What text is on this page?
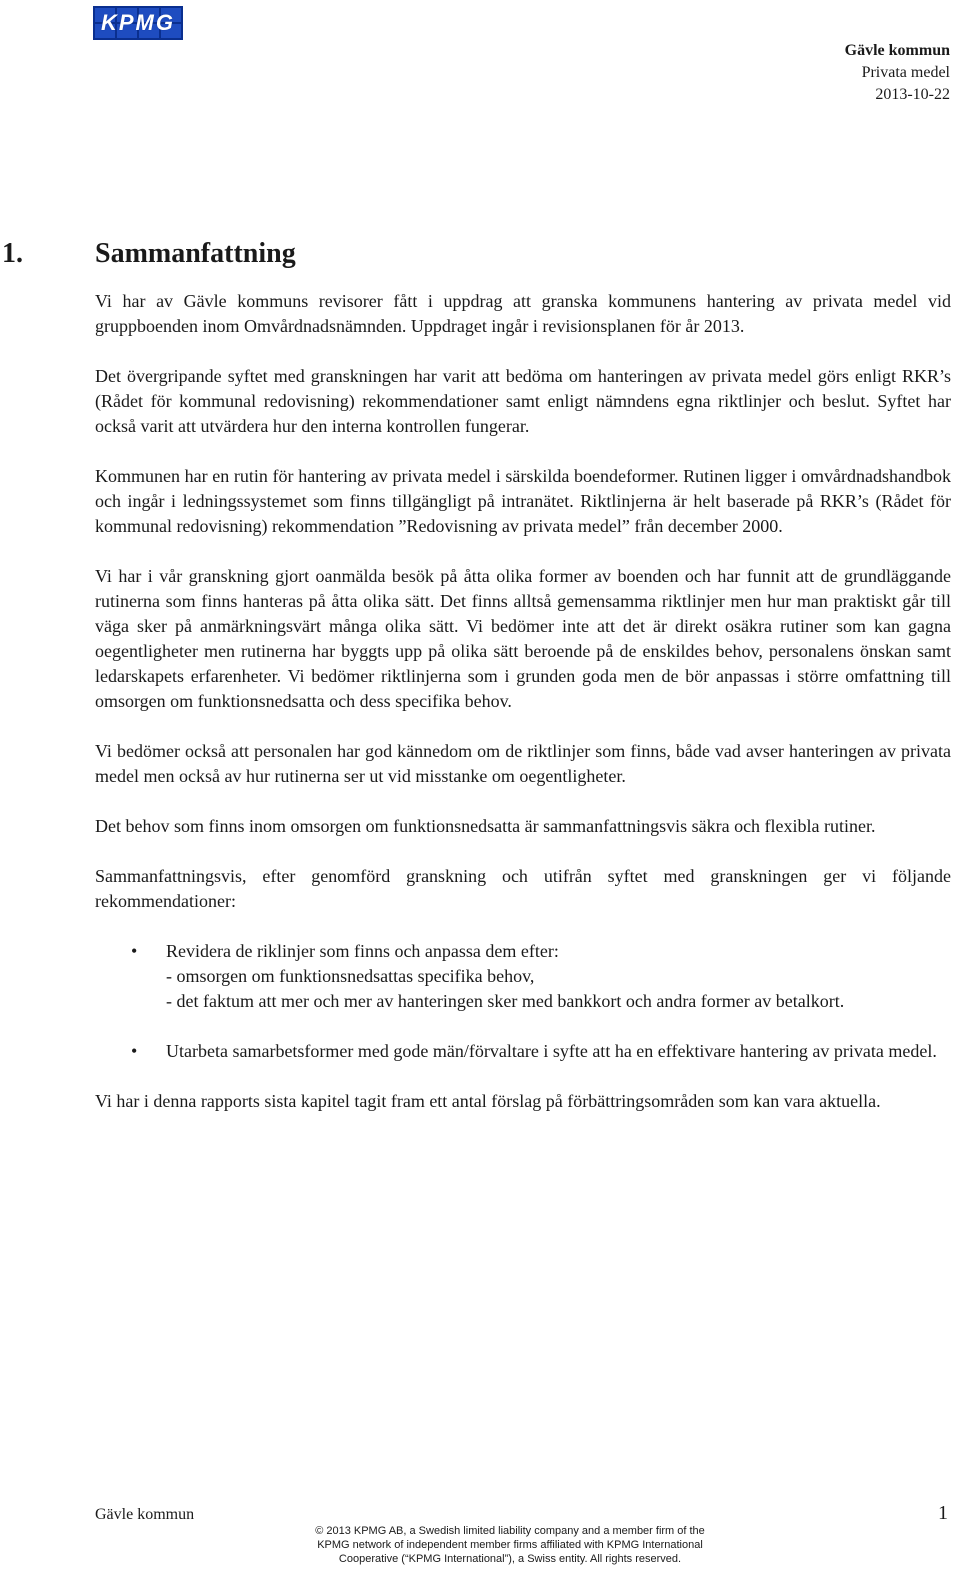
KPMG
Gävle kommun
Privata medel
2013-10-22
1.	Sammanfattning

Vi har av Gävle kommuns revisorer fått i uppdrag att granska kommunens hantering av privata medel vid gruppboenden inom Omvårdnadsnämnden. Uppdraget ingår i revisionsplanen för år 2013.

Det övergripande syftet med granskningen har varit att bedöma om hanteringen av privata medel görs enligt RKR’s (Rådet för kommunal redovisning) rekommendationer samt enligt nämndens egna riktlinjer och beslut. Syftet har också varit att utvärdera hur den interna kontrollen fungerar.

Kommunen har en rutin för hantering av privata medel i särskilda boendeformer. Rutinen ligger i omvårdnadshandbok och ingår i ledningssystemet som finns tillgängligt på intranätet. Riktlinjerna är helt baserade på RKR’s (Rådet för kommunal redovisning) rekommendation ”Redovisning av privata medel” från december 2000.

Vi har i vår granskning gjort oanmälda besök på åtta olika former av boenden och har funnit att de grundläggande rutinerna som finns hanteras på åtta olika sätt. Det finns alltså gemensamma riktlinjer men hur man praktiskt går till väga sker på anmärkningsvärt många olika sätt. Vi bedömer inte att det är direkt osäkra rutiner som kan gagna oegentligheter men rutinerna har byggts upp på olika sätt beroende på de enskildes behov, personalens önskan samt ledarskapets erfarenheter. Vi bedömer riktlinjerna som i grunden goda men de bör anpassas i större omfattning till omsorgen om funktionsnedsatta och dess specifika behov.

Vi bedömer också att personalen har god kännedom om de riktlinjer som finns, både vad avser hanteringen av privata medel men också av hur rutinerna ser ut vid misstanke om oegentligheter.

Det behov som finns inom omsorgen om funktionsnedsatta är sammanfattningsvis säkra och flexibla rutiner.

Sammanfattningsvis, efter genomförd granskning och utifrån syftet med granskningen ger vi följande rekommendationer:

• Revidera de riklinjer som finns och anpassa dem efter:
- omsorgen om funktionsnedsattas specifika behov,
- det faktum att mer och mer av hanteringen sker med bankkort och andra former av betalkort.
• Utarbeta samarbetsformer med gode män/förvaltare i syfte att ha en effektivare hantering av privata medel.

Vi har i denna rapports sista kapitel tagit fram ett antal förslag på förbättringsområden som kan vara aktuella.

Gävle kommun	1
© 2013 KPMG AB, a Swedish limited liability company and a member firm of the
KPMG network of independent member firms affiliated with KPMG International
Cooperative (“KPMG International”), a Swiss entity. All rights reserved.
